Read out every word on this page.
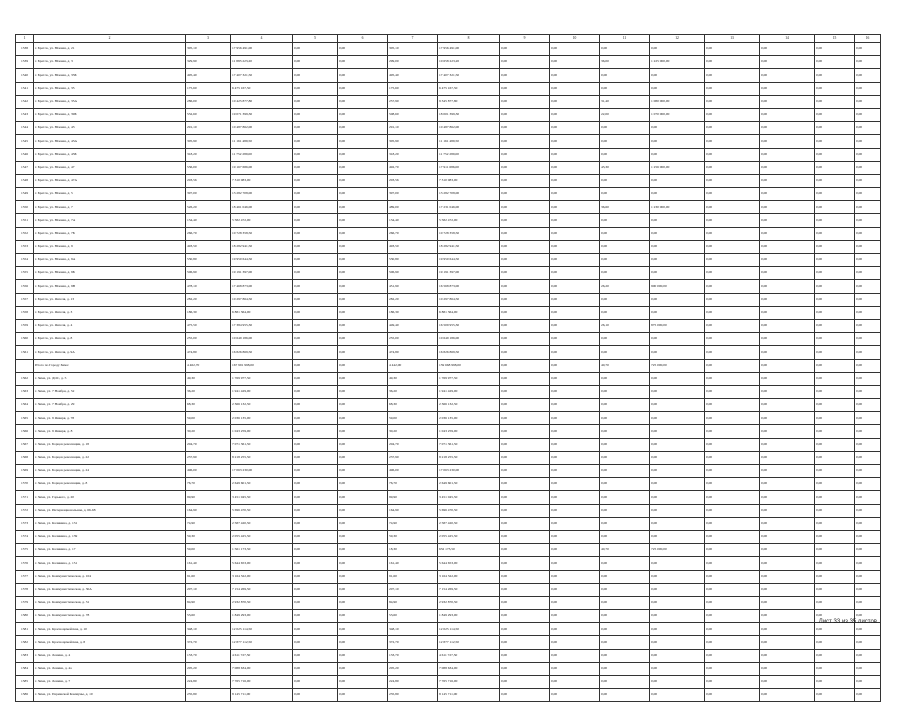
1	2	3	4	5	6	7	8	9	10	11	12	13	14	15	16
1538	г. Братск, ул. Южная, д. 21	305,10	17 956 491,00	0,00	0,00	305,10	17 956 491,00	0,00	0,00	0,00	0,00	0,00	0,00	0,00	0,00
1539	г. Братск, ул. Южная, д. 3	329,90	11 883 223,20	0,00	0,00	299,00	10 658 223,20	0,00	0,00	36,00	1 225 000,00	0,00	0,00	0,00	0,00
1540	г. Братск, ул. Южная, д. 33Б	495,40	17 407 321,50	0,00	0,00	495,40	17 407 321,50	0,00	0,00	0,00	0,00	0,00	0,00	0,00	0,00
1541	г. Братск, ул. Южная, д. 35	175,60	6 475 167,50	0,00	0,00	175,60	6 475 167,50	0,00	0,00	0,00	0,00	0,00	0,00	0,00	0,00
1542	г. Братск, ул. Южная, д. 35А	286,00	10 425 877,80	0,00	0,00	257,90	9 345 877,80	0,00	0,00	31,40	1 080 000,00	0,00	0,00	0,00	0,00
1543	г. Братск, ул. Южная, д. 39Б	532,60	19 071 399,30	0,00	0,00	508,60	18 001 399,30	0,00	0,00	22,00	1 070 000,00	0,00	0,00	0,00	0,00
1544	г. Братск, ул. Южная, д. 43	291,10	10 487 862,00	0,00	0,00	291,10	10 487 862,00	0,00	0,00	0,00	0,00	0,00	0,00	0,00	0,00
1545	г. Братск, ул. Южная, д. 43А	305,90	11 161 489,50	0,00	0,00	305,90	11 161 489,50	0,00	0,00	0,00	0,00	0,00	0,00	0,00	0,00
1546	г. Братск, ул. Южная, д. 43Б	318,20	11 752 289,00	0,00	0,00	318,20	11 752 289,00	0,00	0,00	0,00	0,00	0,00	0,00	0,00	0,00
1547	г. Братск, ул. Южная, д. 47	536,00	19 167 686,00	0,00	0,00	492,70	17 911 686,00	0,00	0,00	43,30	1 256 000,00	0,00	0,00	0,00	0,00
1548	г. Братск, ул. Южная, д. 47А	203,56	7 310 083,00	0,00	0,00	203,56	7 310 083,00	0,00	0,00	0,00	0,00	0,00	0,00	0,00	0,00
1549	г. Братск, ул. Южная, д. 5	397,00	13 282 708,00	0,00	0,00	397,00	13 282 708,00	0,00	0,00	0,00	0,00	0,00	0,00	0,00	0,00
1550	г. Братск, ул. Южная, д. 7	526,20	18 461 046,00	0,00	0,00	489,00	17 231 046,00	0,00	0,00	36,60	1 230 000,00	0,00	0,00	0,00	0,00
1551	г. Братск, ул. Южная, д. 7А	134,40	5 582 472,00	0,00	0,00	134,40	5 582 472,00	0,00	0,00	0,00	0,00	0,00	0,00	0,00	0,00
1552	г. Братск, ул. Южная, д. 7Б	266,70	10 728 358,50	0,00	0,00	266,70	10 728 358,50	0,00	0,00	0,00	0,00	0,00	0,00	0,00	0,00
1553	г. Братск, ул. Южная, д. 9	493,50	18 282 941,50	0,00	0,00	493,50	18 282 941,50	0,00	0,00	0,00	0,00	0,00	0,00	0,00	0,00
1554	г. Братск, ул. Южная, д. 9А	530,80	19 950 644,50	0,00	0,00	530,80	19 950 644,50	0,00	0,00	0,00	0,00	0,00	0,00	0,00	0,00
1555	г. Братск, ул. Южная, д. 9Б	506,90	19 191 397,00	0,00	0,00	506,90	19 191 397,00	0,00	0,00	0,00	0,00	0,00	0,00	0,00	0,00
1556	г. Братск, ул. Южная, д. 9В	478,10	17 468 873,00	0,00	0,00	451,90	16 568 873,00	0,00	0,00	26,20	900 000,00	0,00	0,00	0,00	0,00
1557	г. Братск, ул. Янгеля, д. 13	282,20	10 297 864,50	0,00	0,00	282,20	10 297 864,50	0,00	0,00	0,00	0,00	0,00	0,00	0,00	0,00
1558	г. Братск, ул. Янгеля, д. 3	186,30	6 881 364,00	0,00	0,00	186,30	6 881 364,00	0,00	0,00	0,00	0,00	0,00	0,00	0,00	0,00
1559	г. Братск, ул. Янгеля, д. 4	475,50	17 384 955,30	0,00	0,00	449,40	16 509 955,30	0,00	0,00	26,10	875 000,00	0,00	0,00	0,00	0,00
1560	г. Братск, ул. Янгеля, д. 8	255,00	10 649 186,00	0,00	0,00	255,00	10 649 186,00	0,00	0,00	0,00	0,00	0,00	0,00	0,00	0,00
1561	г. Братск, ул. Янгеля, д. 9А	474,80	16 826 869,50	0,00	0,00	474,80	16 826 869,50	0,00	0,00	0,00	0,00	0,00	0,00	0,00	0,00
	Итого по Городу Зима:	4 462,70	167 991 998,00	0,00	0,00	4 442,00	159 668 998,00	0,00	0,00	40,70	725 000,00	0,00	0,00	0,00	0,00
1562	г. Зима, ул. ДОС, д. 5	49,30	1 769 977,50	0,00	0,00	49,30	1 769 977,50	0,00	0,00	0,00	0,00	0,00	0,00	0,00	0,00
1563	г. Зима, ул. 7 Ноября, д. 52	36,20	1 941 429,00	0,00	0,00	36,20	1 941 429,00	0,00	0,00	0,00	0,00	0,00	0,00	0,00	0,00
1564	г. Зима, ул. 7 Ноября, д. 29	68,30	2 366 132,50	0,00	0,00	68,30	2 366 132,50	0,00	0,00	0,00	0,00	0,00	0,00	0,00	0,00
1565	г. Зима, ул. 9 Января, д. 78	59,00	2 036 135,00	0,00	0,00	59,00	2 036 135,00	0,00	0,00	0,00	0,00	0,00	0,00	0,00	0,00
1566	г. Зима, ул. 9 Января, д. 8	30,20	1 043 259,00	0,00	0,00	30,20	1 043 259,00	0,00	0,00	0,00	0,00	0,00	0,00	0,00	0,00
1567	г. Зима, ул. Борцов революции, д. 18	204,70	7 071 361,50	0,00	0,00	204,70	7 071 361,50	0,00	0,00	0,00	0,00	0,00	0,00	0,00	0,00
1568	г. Зима, ул. Борцов революции, д. 22	237,90	8 218 255,50	0,00	0,00	237,90	8 218 255,50	0,00	0,00	0,00	0,00	0,00	0,00	0,00	0,00
1569	г. Зима, ул. Борцов революции, д. 24	496,00	17 063 230,00	0,00	0,00	496,00	17 063 230,00	0,00	0,00	0,00	0,00	0,00	0,00	0,00	0,00
1570	г. Зима, ул. Борцов революции, д. 8	76,70	2 649 601,50	0,00	0,00	76,70	2 649 601,50	0,00	0,00	0,00	0,00	0,00	0,00	0,00	0,00
1571	г. Зима, ул. Горького, д. 20	99,90	3 451 045,50	0,00	0,00	99,90	3 451 045,50	0,00	0,00	0,00	0,00	0,00	0,00	0,00	0,00
1572	г. Зима, ул. Интернациональная, д. 66-68	164,90	5 696 470,50	0,00	0,00	164,90	5 696 470,50	0,00	0,00	0,00	0,00	0,00	0,00	0,00	0,00
1573	г. Зима, ул. Калинина, д. 131	74,90	2 587 420,50	0,00	0,00	74,90	2 587 420,50	0,00	0,00	0,00	0,00	0,00	0,00	0,00	0,00
1574	г. Зима, ул. Калинина, д. 139	59,30	2 055 425,50	0,00	0,00	59,30	2 055 425,50	0,00	0,00	0,00	0,00	0,00	0,00	0,00	0,00
1575	г. Зима, ул. Калинина, д. 17	59,00	1 561 173,50	0,00	0,00	18,30	632 173,50	0,00	0,00	40,70	725 000,00	0,00	0,00	0,00	0,00
1576	г. Зима, ул. Калинина, д. 151	161,40	5 644 653,00	0,00	0,00	161,40	5 644 653,00	0,00	0,00	0,00	0,00	0,00	0,00	0,00	0,00
1577	г. Зима, ул. Коммунистическая, д. 104	91,60	3 164 322,00	0,00	0,00	91,60	3 164 322,00	0,00	0,00	0,00	0,00	0,00	0,00	0,00	0,00
1578	г. Зима, ул. Коммунистическая, д. 30А	207,10	7 154 269,50	0,00	0,00	207,10	7 154 269,50	0,00	0,00	0,00	0,00	0,00	0,00	0,00	0,00
1579	г. Зима, ул. Коммунистическая, д. 31	84,90	2 932 870,50	0,00	0,00	84,90	2 932 870,50	0,00	0,00	0,00	0,00	0,00	0,00	0,00	0,00
1580	г. Зима, ул. Коммунистическая, д. 78	53,60	1 849 293,00	0,00	0,00	53,60	1 849 293,00	0,00	0,00	0,00	0,00	0,00	0,00	0,00	0,00
1581	г. Зима, ул. Красноармейская, д. 10	348,10	12 025 114,50	0,00	0,00	348,10	12 025 114,50	0,00	0,00	0,00	0,00	0,00	0,00	0,00	0,00
1582	г. Зима, ул. Красноармейская, д. 8	372,70	12 877 112,50	0,00	0,00	372,70	12 877 112,50	0,00	0,00	0,00	0,00	0,00	0,00	0,00	0,00
1583	г. Зима, ул. Ленина, д. 4	133,70	4 611 727,50	0,00	0,00	133,70	4 611 727,50	0,00	0,00	0,00	0,00	0,00	0,00	0,00	0,00
1584	г. Зима, ул. Ленина, д. 4а	205,20	7 088 634,00	0,00	0,00	205,20	7 088 634,00	0,00	0,00	0,00	0,00	0,00	0,00	0,00	0,00
1585	г. Зима, ул. Ленина, д. 7	224,80	7 765 716,00	0,00	0,00	224,80	7 765 716,00	0,00	0,00	0,00	0,00	0,00	0,00	0,00	0,00
1586	г. Зима, ул. Парижской Коммуны, д. 10	235,80	8 145 711,00	0,00	0,00	235,80	8 145 711,00	0,00	0,00	0,00	0,00	0,00	0,00	0,00	0,00
Лист 33 из 35 листов
